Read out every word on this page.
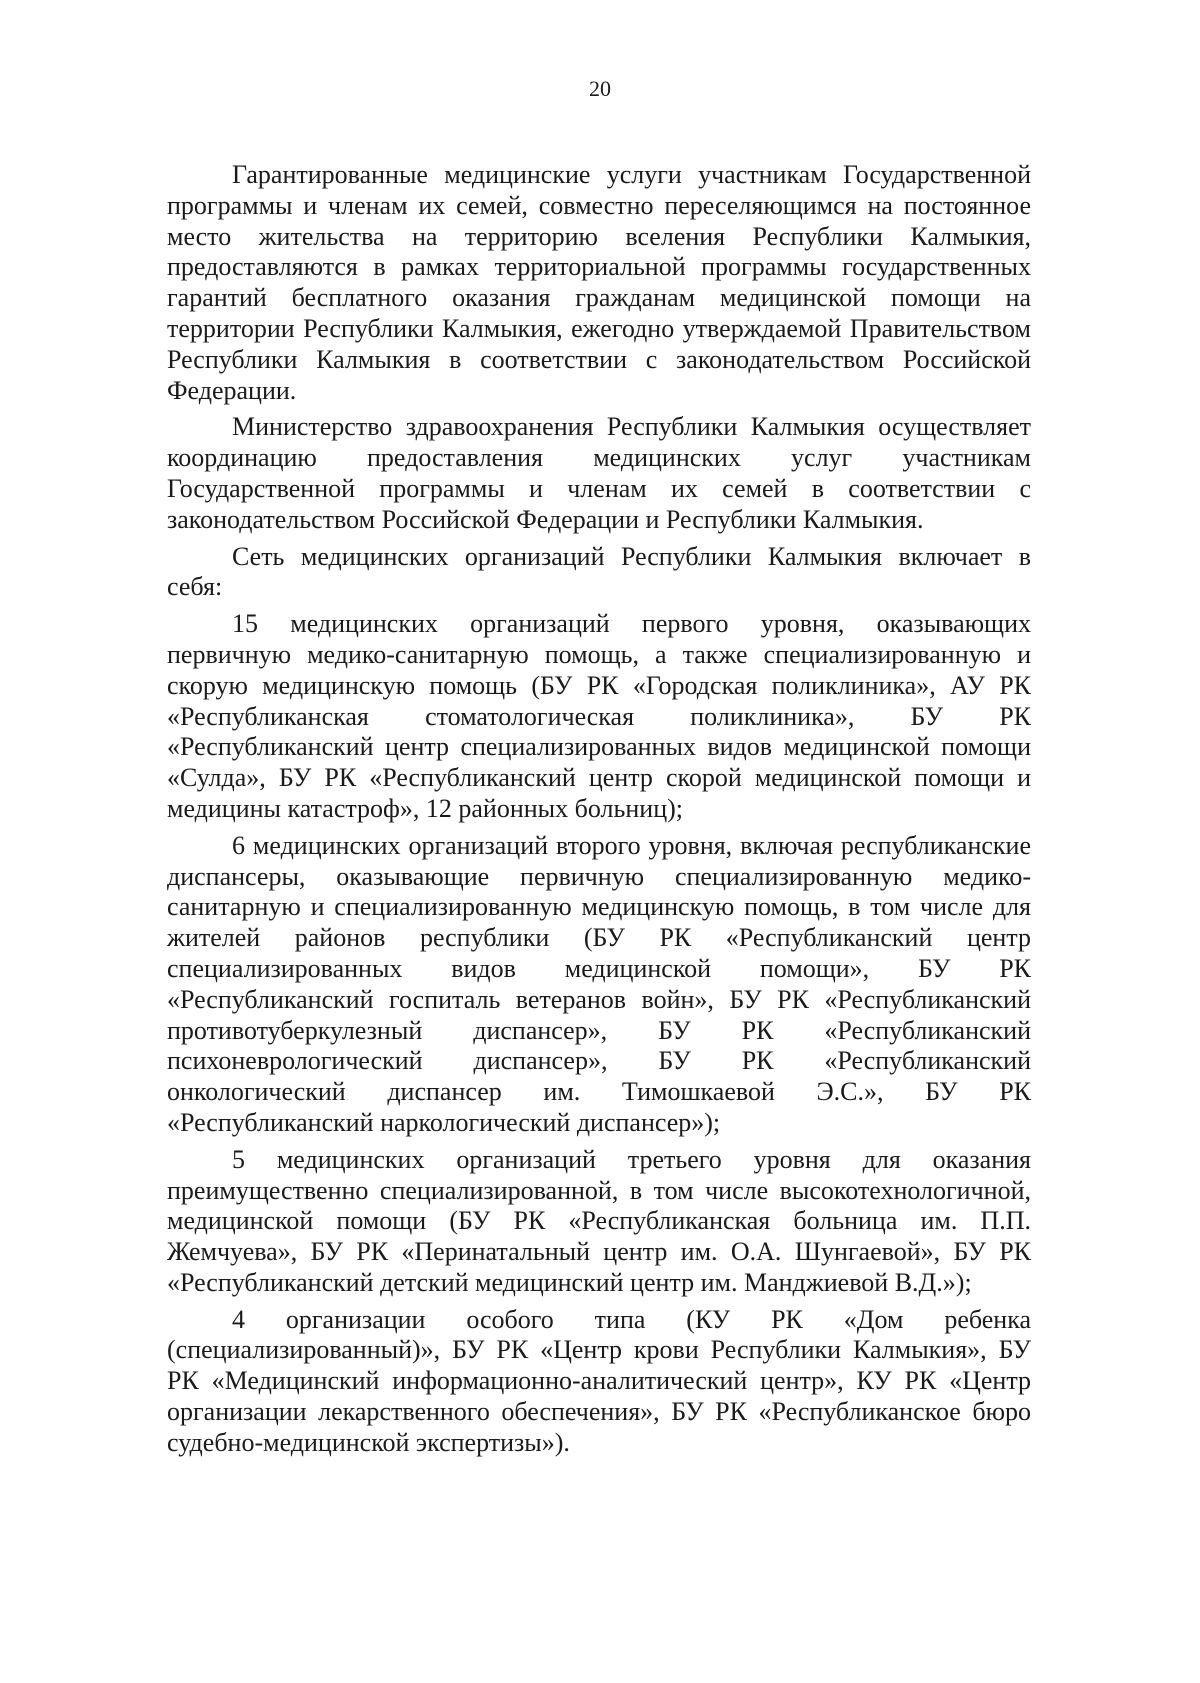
20

Гарантированные медицинские услуги участникам Государственной программы и членам их семей, совместно переселяющимся на постоянное место жительства на территорию вселения Республики Калмыкия, предоставляются в рамках территориальной программы государственных гарантий бесплатного оказания гражданам медицинской помощи на территории Республики Калмыкия, ежегодно утверждаемой Правительством Республики Калмыкия в соответствии с законодательством Российской Федерации.

Министерство здравоохранения Республики Калмыкия осуществляет координацию предоставления медицинских услуг участникам Государственной программы и членам их семей в соответствии с законодательством Российской Федерации и Республики Калмыкия.

Сеть медицинских организаций Республики Калмыкия включает в себя:

15 медицинских организаций первого уровня, оказывающих первичную медико-санитарную помощь, а также специализированную и скорую медицинскую помощь (БУ РК «Городская поликлиника», АУ РК «Республиканская стоматологическая поликлиника», БУ РК «Республиканский центр специализированных видов медицинской помощи «Сулда», БУ РК «Республиканский центр скорой медицинской помощи и медицины катастроф», 12 районных больниц);

6 медицинских организаций второго уровня, включая республиканские диспансеры, оказывающие первичную специализированную медико-санитарную и специализированную медицинскую помощь, в том числе для жителей районов республики (БУ РК «Республиканский центр специализированных видов медицинской помощи», БУ РК «Республиканский госпиталь ветеранов войн», БУ РК «Республиканский противотуберкулезный диспансер», БУ РК «Республиканский психоневрологический диспансер», БУ РК «Республиканский онкологический диспансер им. Тимошкаевой Э.С.», БУ РК «Республиканский наркологический диспансер»);

5 медицинских организаций третьего уровня для оказания преимущественно специализированной, в том числе высокотехнологичной, медицинской помощи (БУ РК «Республиканская больница им. П.П. Жемчуева», БУ РК «Перинатальный центр им. О.А. Шунгаевой», БУ РК «Республиканский детский медицинский центр им. Манджиевой В.Д.»);

4 организации особого типа (КУ РК «Дом ребенка (специализированный)», БУ РК «Центр крови Республики Калмыкия», БУ РК «Медицинский информационно-аналитический центр», КУ РК «Центр организации лекарственного обеспечения», БУ РК «Республиканское бюро судебно-медицинской экспертизы»).
